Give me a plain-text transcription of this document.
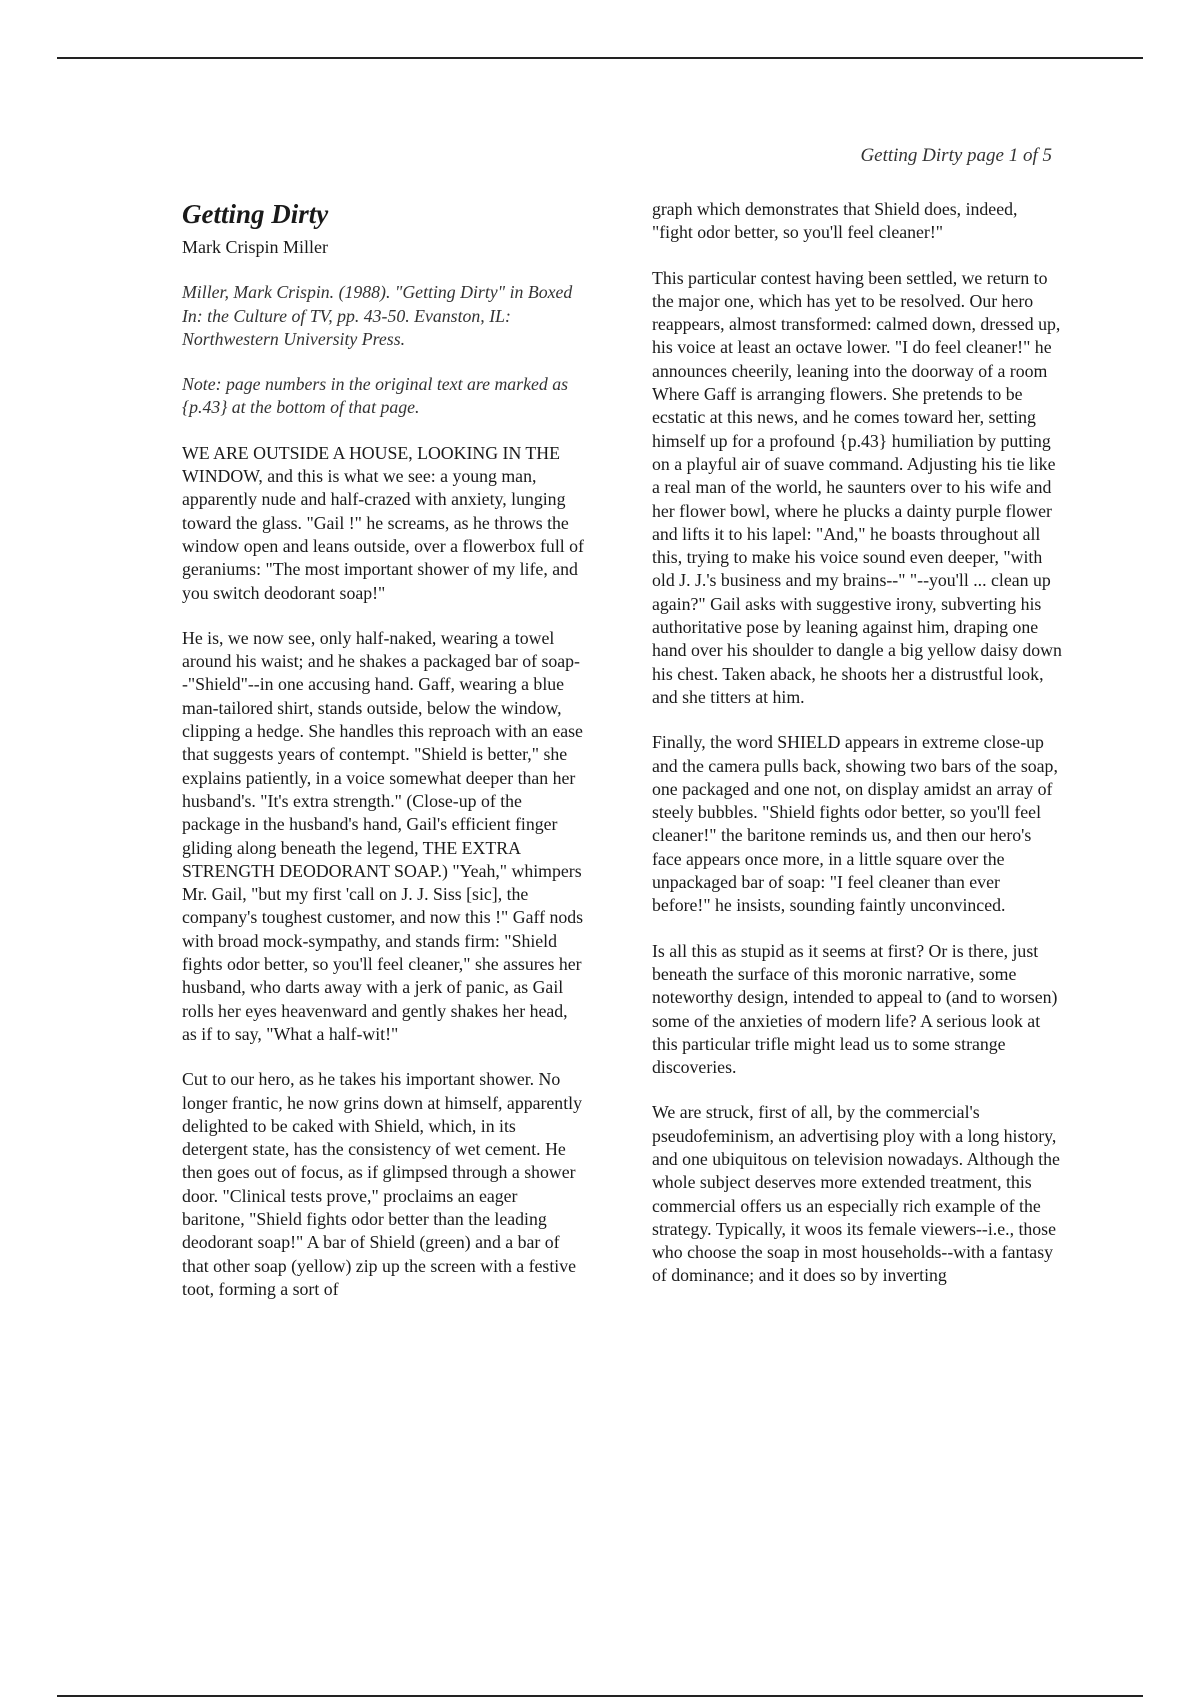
Getting Dirty page 1 of 5
Getting Dirty

Mark Crispin Miller

Miller, Mark Crispin. (1988). "Getting Dirty" in Boxed In: the Culture of TV, pp. 43-50. Evanston, IL: Northwestern University Press.

Note: page numbers in the original text are marked as {p.43} at the bottom of that page.

WE ARE OUTSIDE A HOUSE, LOOKING IN THE WINDOW, and this is what we see: a young man, apparently nude and half-crazed with anxiety, lunging toward the glass. "Gail !" he screams, as he throws the window open and leans outside, over a flowerbox full of geraniums: "The most important shower of my life, and you switch deodorant soap!"

He is, we now see, only half-naked, wearing a towel around his waist; and he shakes a packaged bar of soap--"Shield"--in one accusing hand. Gaff, wearing a blue man-tailored shirt, stands outside, below the window, clipping a hedge. She handles this reproach with an ease that suggests years of contempt. "Shield is better," she explains patiently, in a voice somewhat deeper than her husband's. "It's extra strength." (Close-up of the package in the husband's hand, Gail's efficient finger gliding along beneath the legend, THE EXTRA STRENGTH DEODORANT SOAP.) "Yeah," whimpers Mr. Gail, "but my first 'call on J. J. Siss [sic], the company's toughest customer, and now this !" Gaff nods with broad mock-sympathy, and stands firm: "Shield fights odor better, so you'll feel cleaner," she assures her husband, who darts away with a jerk of panic, as Gail rolls her eyes heavenward and gently shakes her head, as if to say, "What a half-wit!"

Cut to our hero, as he takes his important shower. No longer frantic, he now grins down at himself, apparently delighted to be caked with Shield, which, in its detergent state, has the consistency of wet cement. He then goes out of focus, as if glimpsed through a shower door. "Clinical tests prove," proclaims an eager baritone, "Shield fights odor better than the leading deodorant soap!" A bar of Shield (green) and a bar of that other soap (yellow) zip up the screen with a festive toot, forming a sort of

graph which demonstrates that Shield does, indeed, "fight odor better, so you'll feel cleaner!"

This particular contest having been settled, we return to the major one, which has yet to be resolved. Our hero reappears, almost transformed: calmed down, dressed up, his voice at least an octave lower. "I do feel cleaner!" he announces cheerily, leaning into the doorway of a room Where Gaff is arranging flowers. She pretends to be ecstatic at this news, and he comes toward her, setting himself up for a profound {p.43} humiliation by putting on a playful air of suave command. Adjusting his tie like a real man of the world, he saunters over to his wife and her flower bowl, where he plucks a dainty purple flower and lifts it to his lapel: "And," he boasts throughout all this, trying to make his voice sound even deeper, "with old J. J.'s business and my brains--" "--you'll ... clean up again?" Gail asks with suggestive irony, subverting his authoritative pose by leaning against him, draping one hand over his shoulder to dangle a big yellow daisy down his chest. Taken aback, he shoots her a distrustful look, and she titters at him.

Finally, the word SHIELD appears in extreme close-up and the camera pulls back, showing two bars of the soap, one packaged and one not, on display amidst an array of steely bubbles. "Shield fights odor better, so you'll feel cleaner!" the baritone reminds us, and then our hero's face appears once more, in a little square over the unpackaged bar of soap: "I feel cleaner than ever before!" he insists, sounding faintly unconvinced.

Is all this as stupid as it seems at first? Or is there, just beneath the surface of this moronic narrative, some noteworthy design, intended to appeal to (and to worsen) some of the anxieties of modern life? A serious look at this particular trifle might lead us to some strange discoveries.

We are struck, first of all, by the commercial's pseudofeminism, an advertising ploy with a long history, and one ubiquitous on television nowadays. Although the whole subject deserves more extended treatment, this commercial offers us an especially rich example of the strategy. Typically, it woos its female viewers--i.e., those who choose the soap in most households--with a fantasy of dominance; and it does so by inverting
